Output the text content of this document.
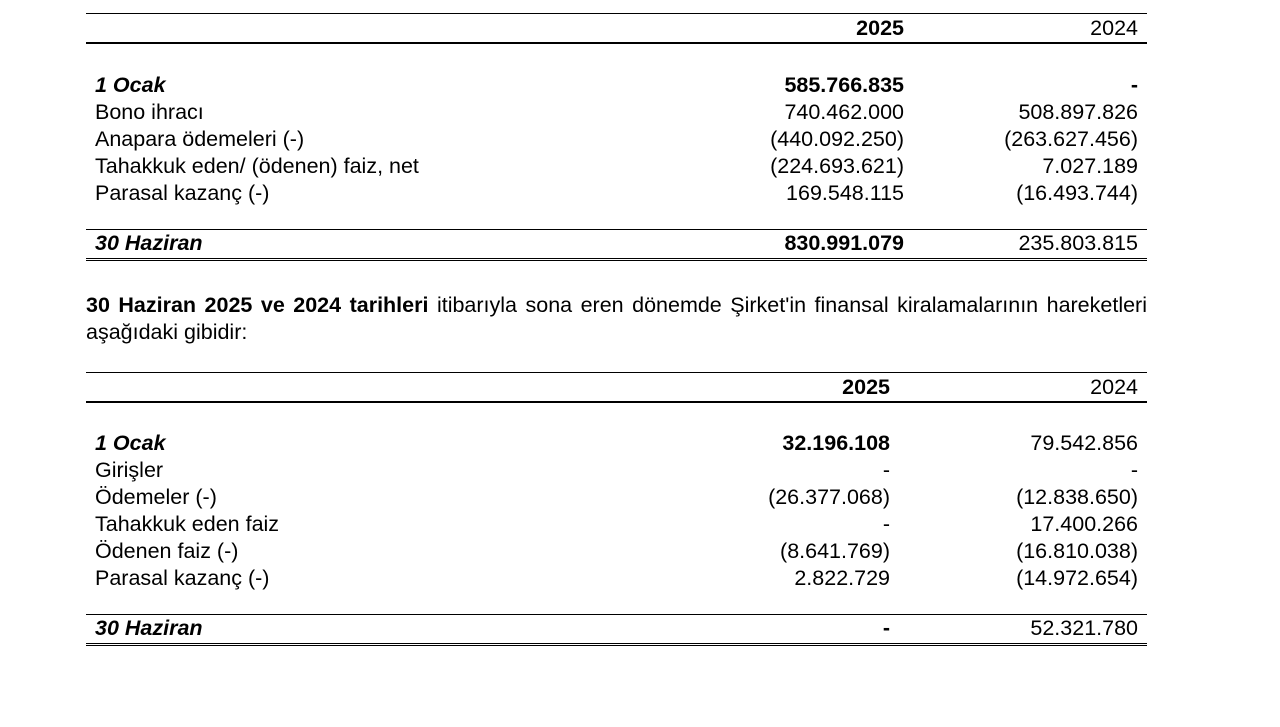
2025	2024
1 Ocak	585.766.835	-
Bono ihracı	740.462.000	508.897.826
Anapara ödemeleri (-)	(440.092.250)	(263.627.456)
Tahakkuk eden/ (ödenen) faiz, net	(224.693.621)	7.027.189
Parasal kazanç (-)	169.548.115	(16.493.744)
30 Haziran	830.991.079	235.803.815
30 Haziran 2025 ve 2024 tarihleri itibarıyla sona eren dönemde Şirket'in finansal kiralamalarının hareketleri aşağıdaki gibidir:
2025	2024
1 Ocak	32.196.108	79.542.856
Girişler	-	-
Ödemeler (-)	(26.377.068)	(12.838.650)
Tahakkuk eden faiz	-	17.400.266
Ödenen faiz (-)	(8.641.769)	(16.810.038)
Parasal kazanç (-)	2.822.729	(14.972.654)
30 Haziran	-	52.321.780
